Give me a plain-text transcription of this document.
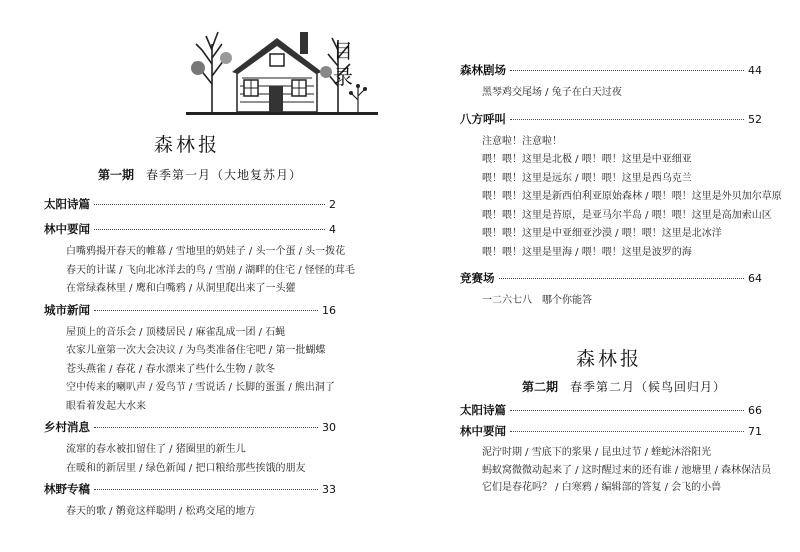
目
录
森林报
第一期 春季第一月（大地复苏月）
太阳诗篇	2
林中要闻	4
白嘴鸦揭开春天的帷幕 / 雪地里的奶娃子 / 头一个蛋 / 头一拨花
春天的计谋 / 飞向北冰洋去的鸟 / 雪崩 / 湖畔的住宅 / 怪怪的茸毛
在常绿森林里 / 鹰和白嘴鸦 / 从洞里爬出来了一头獾
城市新闻	16
屋顶上的音乐会 / 顶楼居民 / 麻雀乱成一团 / 石蝇
农家儿童第一次大会决议 / 为鸟类准备住宅吧 / 第一批蝴蝶
苍头燕雀 / 春花 / 春水漂来了些什么生物 / 款冬
空中传来的喇叭声 / 爱鸟节 / 雪说话 / 长脚的蛋蛋 / 熊出洞了
眼看着发起大水来
乡村消息	30
流窜的春水被扣留住了 / 猪圈里的新生儿
在暖和的新居里 / 绿色新闻 / 把口粮给那些挨饿的朋友
林野专稿	33
春天的歌 / 鹡竟这样聪明 / 松鸡交尾的地方
森林剧场	44
黑琴鸡交尾场 / 兔子在白天过夜
八方呼叫	52
注意啦！注意啦！
喂！喂！这里是北极 / 喂！喂！这里是中亚细亚
喂！喂！这里是远东 / 喂！喂！这里是西乌克兰
喂！喂！这里是新西伯利亚原始森林 / 喂！喂！这里是外贝加尔草原
喂！喂！这里是苔原，是亚马尔半岛 / 喂！喂！这里是高加索山区
喂！喂！这里是中亚细亚沙漠 / 喂！喂！这里是北冰洋
喂！喂！这里是里海 / 喂！喂！这里是波罗的海
竞赛场	64
一二六七八　哪个你能答
森林报
第二期 春季第二月（候鸟回归月）
太阳诗篇	66
林中要闻	71
泥泞时期 / 雪底下的浆果 / 昆虫过节 / 蝰蛇沐浴阳光
蚂蚁窝微微动起来了 / 这时醒过来的还有谁 / 池塘里 / 森林保洁员
它们是春花吗？ / 白寒鸦 / 编辑部的答复 / 会飞的小兽
